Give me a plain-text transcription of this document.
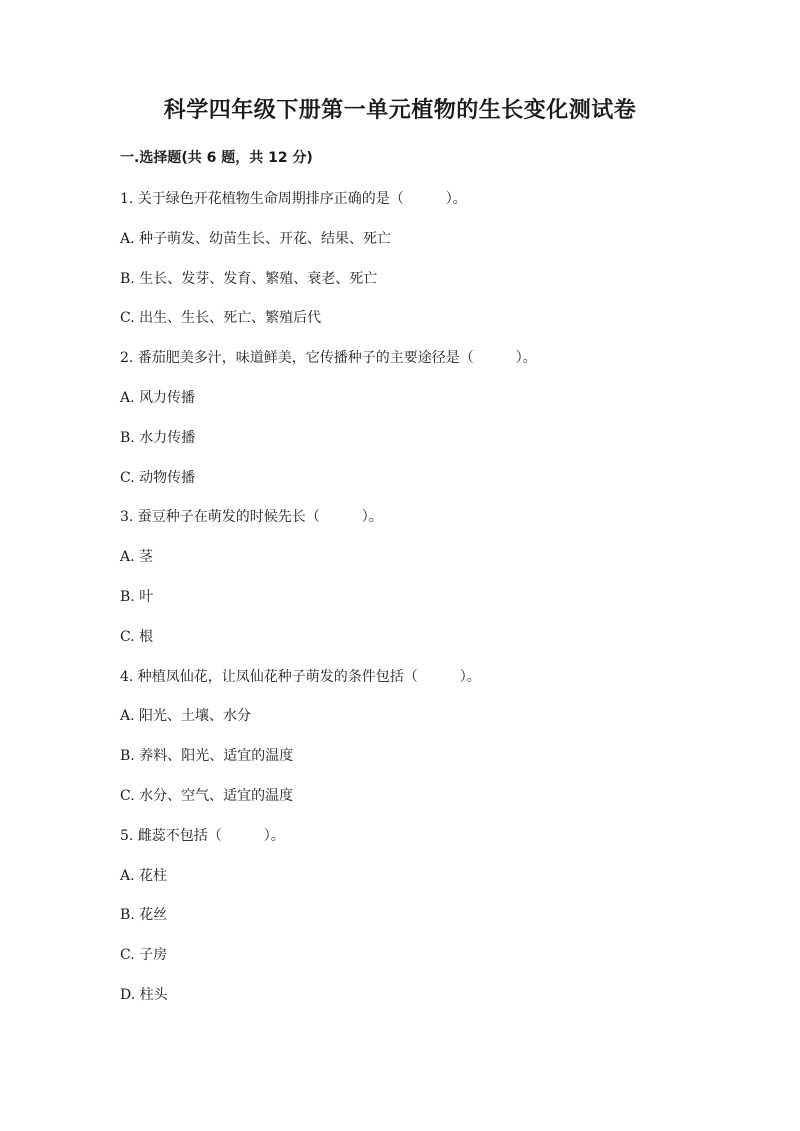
科学四年级下册第一单元植物的生长变化测试卷
一.选择题(共 6 题，共 12 分)
1. 关于绿色开花植物生命周期排序正确的是（　　　）。
A. 种子萌发、幼苗生长、开花、结果、死亡
B. 生长、发芽、发育、繁殖、衰老、死亡
C. 出生、生长、死亡、繁殖后代
2. 番茄肥美多汁，味道鲜美，它传播种子的主要途径是（　　　）。
A. 风力传播
B. 水力传播
C. 动物传播
3. 蚕豆种子在萌发的时候先长（　　　）。
A. 茎
B. 叶
C. 根
4. 种植凤仙花，让凤仙花种子萌发的条件包括（　　　）。
A. 阳光、土壤、水分
B. 养料、阳光、适宜的温度
C. 水分、空气、适宜的温度
5. 雌蕊不包括（　　　）。
A. 花柱
B. 花丝
C. 子房
D. 柱头
